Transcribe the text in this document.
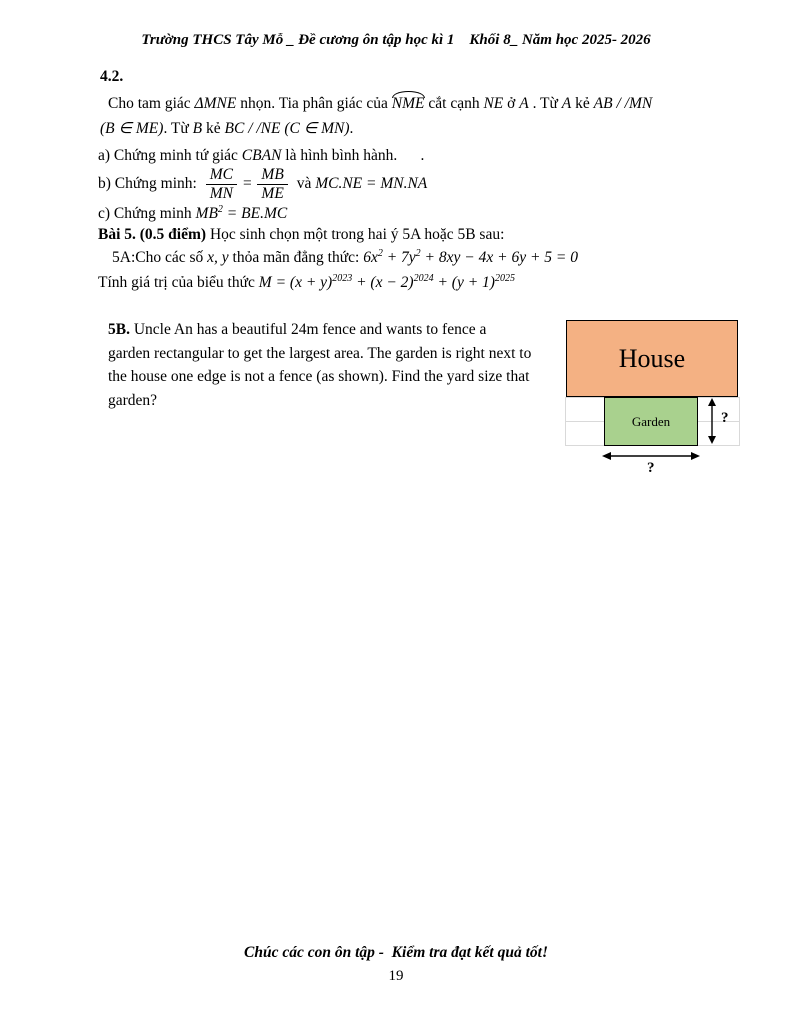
Trường THCS Tây Mỗ _ Đề cương ôn tập học kì 1    Khối 8_ Năm học 2025- 2026
4.2.
Cho tam giác ΔMNE nhọn. Tia phân giác của NME cắt cạnh NE ở A . Từ A kẻ AB / /MN
(B ∈ ME). Từ B kẻ BC / /NE (C ∈ MN).
a) Chứng minh tứ giác CBAN là hình bình hành.      .
b) Chứng minh: $\frac{MC}{MN} = \frac{MB}{ME}$ và MC.NE = MN.NA
c) Chứng minh $MB^2 = BE.MC$
Bài 5. (0.5 điểm) Học sinh chọn một trong hai ý 5A hoặc 5B sau:
5A:Cho các số x, y thỏa mãn đẳng thức: $6x^2 + 7y^2 + 8xy - 4x + 6y + 5 = 0$
Tính giá trị của biểu thức $M = (x + y)^{2023} + (x - 2)^{2024} + (y + 1)^{2025}$
5B. Uncle An has a beautiful 24m fence and wants to fence a garden rectangular to get the largest area. The garden is right next to the house one edge is not a fence (as shown). Find the yard size that garden?
House
Garden	?
?
Chúc các con ôn tập -  Kiểm tra đạt kết quả tốt!
19
